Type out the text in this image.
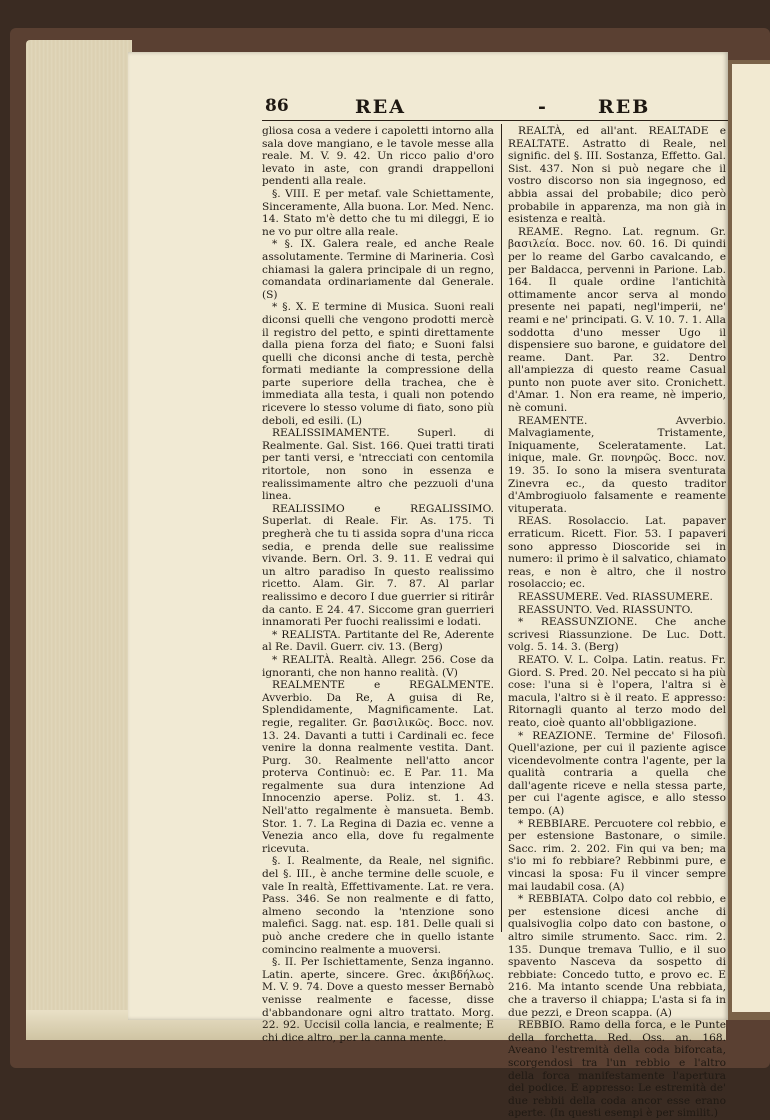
86	REA	-	REB

gliosa cosa a vedere i capoletti intorno alla sala dove mangiano, e le tavole messe alla reale. M. V. 9. 42. Un ricco palio d'oro levato in aste, con grandi drappelloni pendenti alla reale.

§. VIII. E per metaf. vale Schiettamente, Sinceramente, Alla buona. Lor. Med. Nenc. 14. Stato m'è detto che tu mi dileggi, E io ne vo pur oltre alla reale.

* §. IX. Galera reale, ed anche Reale assolutamente. Termine di Marineria. Così chiamasi la galera principale di un regno, comandata ordinariamente dal Generale. (S)

* §. X. E termine di Musica. Suoni reali diconsi quelli che vengono prodotti mercè il registro del petto, e spinti direttamente dalla piena forza del fiato; e Suoni falsi quelli che diconsi anche di testa, perchè formati mediante la compressione della parte superiore della trachea, che è immediata alla testa, i quali non potendo ricevere lo stesso volume di fiato, sono più deboli, ed esili. (L)

REALISSIMAMENTE. Superl. di Realmente. Gal. Sist. 166. Quei tratti tirati per tanti versi, e 'ntrecciati con centomila ritortole, non sono in essenza e realissimamente altro che pezzuoli d'una linea.

REALISSIMO e REGALISSIMO. Superlat. di Reale. Fir. As. 175. Ti pregherà che tu ti assida sopra d'una ricca sedia, e prenda delle sue realissime vivande. Bern. Orl. 3. 9. 11. E vedrai qui un altro paradiso In questo realissimo ricetto. Alam. Gir. 7. 87. Al parlar realissimo e decoro I due guerrier si ritirâr da canto. E 24. 47. Siccome gran guerrieri innamorati Per fuochi realissimi e lodati.

* REALISTA. Partitante del Re, Aderente al Re. Davil. Guerr. civ. 13. (Berg)

* REALITÀ. Realtà. Allegr. 256. Cose da ignoranti, che non hanno realità. (V)

REALMENTE e REGALMENTE. Avverbio. Da Re, A guisa di Re, Splendidamente, Magnificamente. Lat. regie, regaliter. Gr. βασιλικῶς. Bocc. nov. 13. 24. Davanti a tutti i Cardinali ec. fece venire la donna realmente vestita. Dant. Purg. 30. Realmente nell'atto ancor proterva Continuò: ec. E Par. 11. Ma regalmente sua dura intenzione Ad Innocenzio aperse. Poliz. st. 1. 43. Nell'atto regalmente è mansueta. Bemb. Stor. 1. 7. La Regina di Dazia ec. venne a Venezia anco ella, dove fu regalmente ricevuta.

§. I. Realmente, da Reale, nel signific. del §. III., è anche termine delle scuole, e vale In realtà, Effettivamente. Lat. re vera. Pass. 346. Se non realmente e di fatto, almeno secondo la 'ntenzione sono malefici. Sagg. nat. esp. 181. Delle quali si può anche credere che in quello istante comincino realmente a muoversi.

§. II. Per Ischiettamente, Senza inganno. Latin. aperte, sincere. Grec. ἀκιβδήλως. M. V. 9. 74. Dove a questo messer Bernabò venisse realmente e facesse, disse d'abbandonare ogni altro trattato. Morg. 22. 92. Uccisil colla lancia, e realmente; E chi dice altro, per la canna mente.

REALTÀ, ed all'ant. REALTADE e REALTATE. Astratto di Reale, nel signific. del §. III. Sostanza, Effetto. Gal. Sist. 437. Non si può negare che il vostro discorso non sia ingegnoso, ed abbia assai del probabile; dico però probabile in apparenza, ma non già in esistenza e realtà.

REAME. Regno. Lat. regnum. Gr. βασιλεία. Bocc. nov. 60. 16. Di quindi per lo reame del Garbo cavalcando, e per Baldacca, pervenni in Parione. Lab. 164. Il quale ordine l'antichità ottimamente ancor serva al mondo presente nei papati, negl'imperii, ne' reami e ne' principati. G. V. 10. 7. 1. Alla soddotta d'uno messer Ugo il dispensiere suo barone, e guidatore del reame. Dant. Par. 32. Dentro all'ampiezza di questo reame Casual punto non puote aver sito. Cronichett. d'Amar. 1. Non era reame, nè imperio, nè comuni.

REAMENTE. Avverbio. Malvagiamente, Tristamente, Iniquamente, Sceleratamente. Lat. inique, male. Gr. πονηρῶς. Bocc. nov. 19. 35. Io sono la misera sventurata Zinevra ec., da questo traditor d'Ambrogiuolo falsamente e reamente vituperata.

REAS. Rosolaccio. Lat. papaver erraticum. Ricett. Fior. 53. I papaveri sono appresso Dioscoride sei in numero: il primo è il salvatico, chiamato reas, e non è altro, che il nostro rosolaccio; ec.

REASSUMERE. Ved. RIASSUMERE.

REASSUNTO. Ved. RIASSUNTO.

* REASSUNZIONE. Che anche scrivesi Riassunzione. De Luc. Dott. volg. 5. 14. 3. (Berg)

REATO. V. L. Colpa. Latin. reatus. Fr. Giord. S. Pred. 20. Nel peccato si ha più cose: l'una si è l'opera, l'altra si è macula, l'altro si è il reato. E appresso: Ritornagli quanto al terzo modo del reato, cioè quanto all'obbligazione.

* REAZIONE. Termine de' Filosofi. Quell'azione, per cui il paziente agisce vicendevolmente contra l'agente, per la qualità contraria a quella che dall'agente riceve e nella stessa parte, per cui l'agente agisce, e allo stesso tempo. (A)

* REBBIARE. Percuotere col rebbio, e per estensione Bastonare, o simile. Sacc. rim. 2. 202. Fin qui va ben; ma s'io mi fo rebbiare? Rebbinmi pure, e vincasi la sposa: Fu il vincer sempre mai laudabil cosa. (A)

* REBBIATA. Colpo dato col rebbio, e per estensione dicesi anche di qualsivoglia colpo dato con bastone, o altro simile strumento. Sacc. rim. 2. 135. Dunque tremava Tullio, e il suo spavento Nasceva da sospetto di rebbiate: Concedo tutto, e provo ec. E 216. Ma intanto scende Una rebbiata, che a traverso il chiappa; L'asta si fa in due pezzi, e Dreon scappa. (A)

REBBIO. Ramo della forca, e le Punte della forchetta. Red. Oss. an. 168. Aveano l'estremità della coda biforcata, scorgendosi tra l'un rebbio e l'altro della forca manifestamente l'apertura del podice. E appresso: Le estremità de' due rebbii della coda ancor esse erano aperte. (In questi esempi è per similit.)
